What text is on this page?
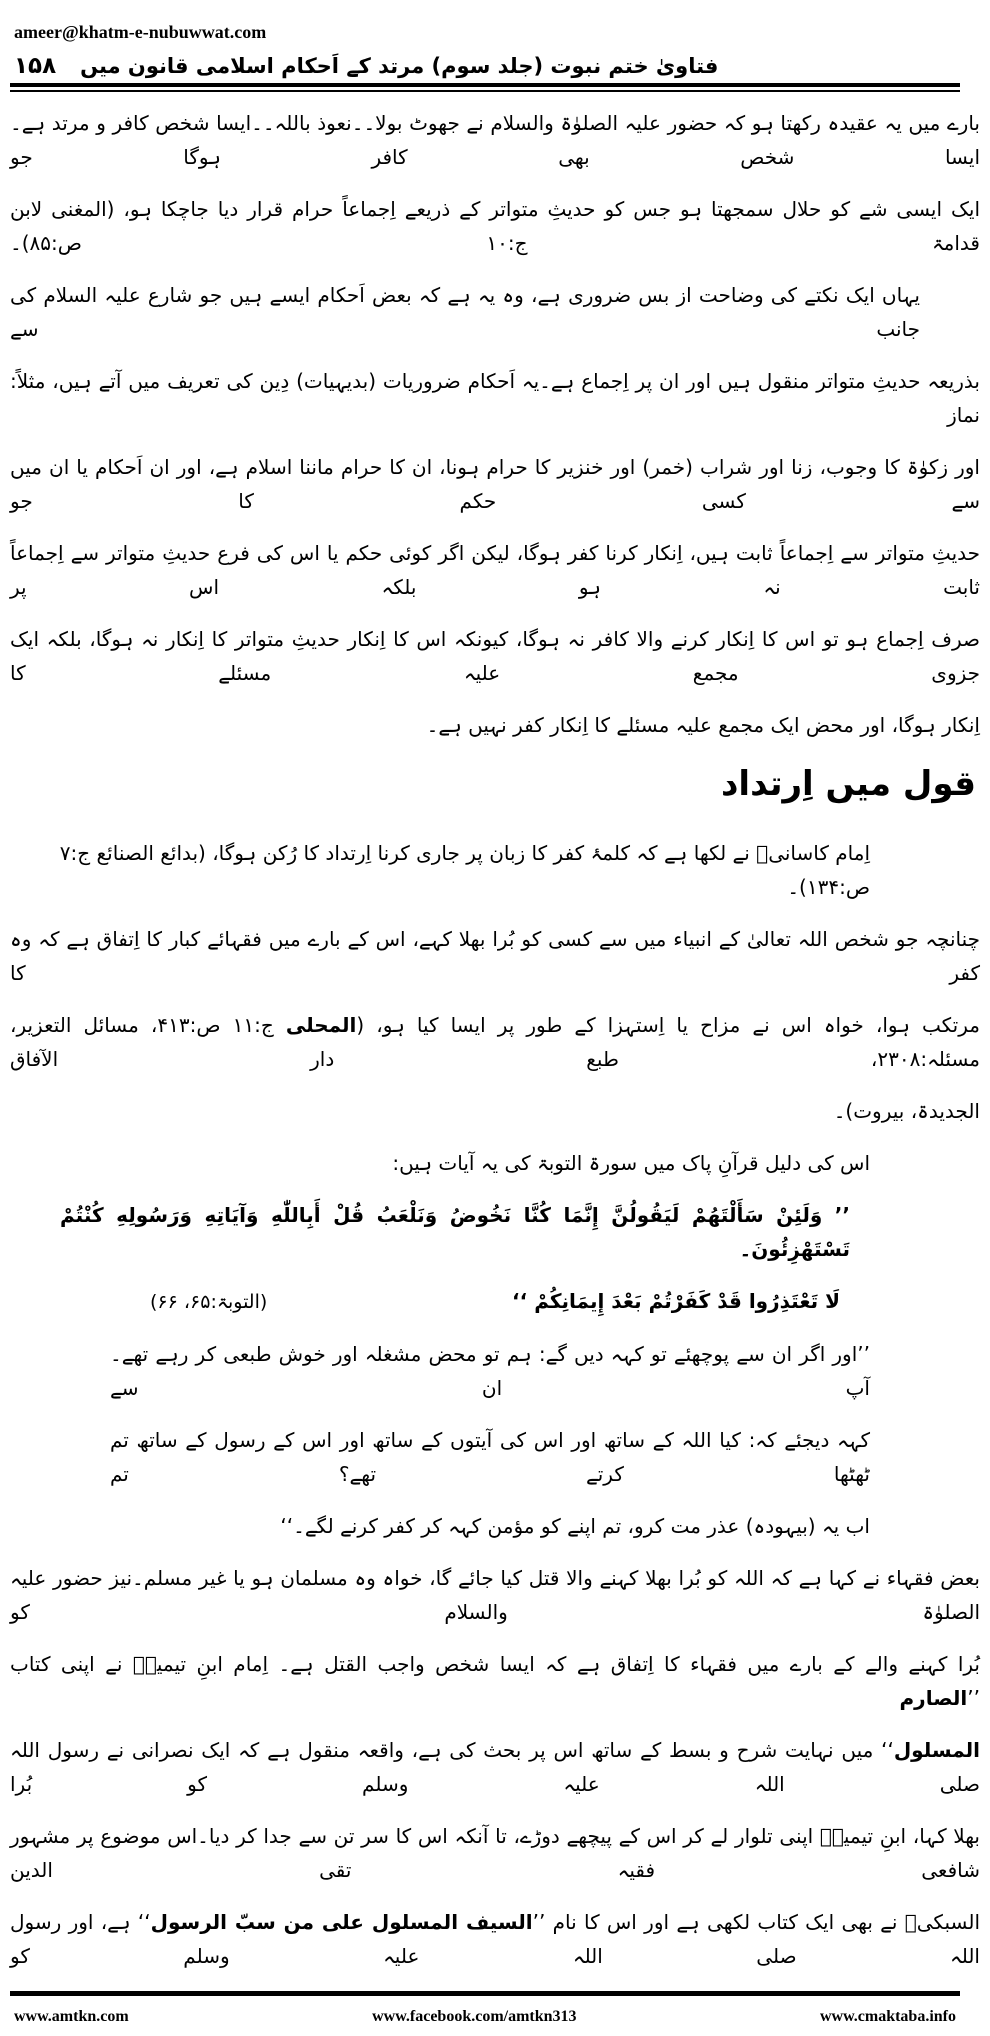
ameer@khatm-e-nubuwwat.com
فتاویٰ ختم نبوت (جلد سوم) مرتد کے اَحکام اسلامی قانون میں
۱۵۸
بارے میں یہ عقیدہ رکھتا ہو کہ حضور علیہ الصلوٰۃ والسلام نے جھوٹ بولا۔۔نعوذ باللہ۔۔ایسا شخص کافر و مرتد ہے۔ایسا شخص بھی کافر ہوگا جو
ایک ایسی شے کو حلال سمجھتا ہو جس کو حدیثِ متواتر کے ذریعے اِجماعاً حرام قرار دیا جاچکا ہو، (المغنی لابن قدامۃ ج:۱۰ ص:۸۵)۔
یہاں ایک نکتے کی وضاحت از بس ضروری ہے، وہ یہ ہے کہ بعض اَحکام ایسے ہیں جو شارع علیہ السلام کی جانب سے
بذریعہ حدیثِ متواتر منقول ہیں اور ان پر اِجماع ہے۔یہ اَحکام ضروریات (بدیہیات) دِین کی تعریف میں آتے ہیں، مثلاً: نماز
اور زکوٰۃ کا وجوب، زنا اور شراب (خمر) اور خنزیر کا حرام ہونا، ان کا حرام ماننا اسلام ہے، اور ان اَحکام یا ان میں سے کسی حکم کا جو
حدیثِ متواتر سے اِجماعاً ثابت ہیں، اِنکار کرنا کفر ہوگا، لیکن اگر کوئی حکم یا اس کی فرع حدیثِ متواتر سے اِجماعاً ثابت نہ ہو بلکہ اس پر
صرف اِجماع ہو تو اس کا اِنکار کرنے والا کافر نہ ہوگا، کیونکہ اس کا اِنکار حدیثِ متواتر کا اِنکار نہ ہوگا، بلکہ ایک جزوی مجمع علیہ مسئلے کا
اِنکار ہوگا، اور محض ایک مجمع علیہ مسئلے کا اِنکار کفر نہیں ہے۔
قول میں اِرتداد
اِمام کاسانیؒ نے لکھا ہے کہ کلمۂ کفر کا زبان پر جاری کرنا اِرتداد کا رُکن ہوگا، (بدائع الصنائع ج:۷ ص:۱۳۴)۔
چنانچہ جو شخص اللہ تعالیٰ کے انبیاء میں سے کسی کو بُرا بھلا کہے، اس کے بارے میں فقہائے کبار کا اِتفاق ہے کہ وہ کفر کا
مرتکب ہوا، خواہ اس نے مزاح یا اِستہزا کے طور پر ایسا کیا ہو، (المحلی ج:۱۱ ص:۴۱۳، مسائل التعزیر، مسئلہ:۲۳۰۸، طبع دار الآفاق
الجدیدۃ، بیروت)۔
اس کی دلیل قرآنِ پاک میں سورۃ التوبۃ کی یہ آیات ہیں:
’’ وَلَئِنْ سَأَلْتَهُمْ لَيَقُولُنَّ إِنَّمَا كُنَّا نَخُوضُ وَنَلْعَبُ قُلْ أَبِاللّٰهِ وَآيَاتِهِ وَرَسُولِهِ كُنْتُمْ تَسْتَهْزِئُونَ۔
لَا تَعْتَذِرُوا قَدْ كَفَرْتُمْ بَعْدَ إِيمَانِكُمْ ‘‘
(التوبۃ:۶۵، ۶۶)
’’اور اگر ان سے پوچھئے تو کہہ دیں گے: ہم تو محض مشغلہ اور خوش طبعی کر رہے تھے۔آپ ان سے
کہہ دیجئے کہ: کیا اللہ کے ساتھ اور اس کی آیتوں کے ساتھ اور اس کے رسول کے ساتھ تم ٹھٹھا کرتے تھے؟ تم
اب یہ (بیہودہ) عذر مت کرو، تم اپنے کو مؤمن کہہ کر کفر کرنے لگے۔‘‘
بعض فقہاء نے کہا ہے کہ اللہ کو بُرا بھلا کہنے والا قتل کیا جائے گا، خواہ وہ مسلمان ہو یا غیر مسلم۔نیز حضور علیہ الصلوٰۃ والسلام کو
بُرا کہنے والے کے بارے میں فقہاء کا اِتفاق ہے کہ ایسا شخص واجب القتل ہے۔ اِمام ابنِ تیمیہؒ نے اپنی کتاب ’’الصارم
المسلول‘‘ میں نہایت شرح و بسط کے ساتھ اس پر بحث کی ہے، واقعہ منقول ہے کہ ایک نصرانی نے رسول اللہ صلی اللہ علیہ وسلم کو بُرا
بھلا کہا، ابنِ تیمیہؒ اپنی تلوار لے کر اس کے پیچھے دوڑے، تا آنکہ اس کا سر تن سے جدا کر دیا۔اس موضوع پر مشہور شافعی فقیہ تقی الدین
السبکیؒ نے بھی ایک کتاب لکھی ہے اور اس کا نام ’’السیف المسلول علی من سبّ الرسول‘‘ ہے، اور رسول اللہ صلی اللہ علیہ وسلم کو
www.amtkn.com	www.facebook.com/amtkn313	www.cmaktaba.info
